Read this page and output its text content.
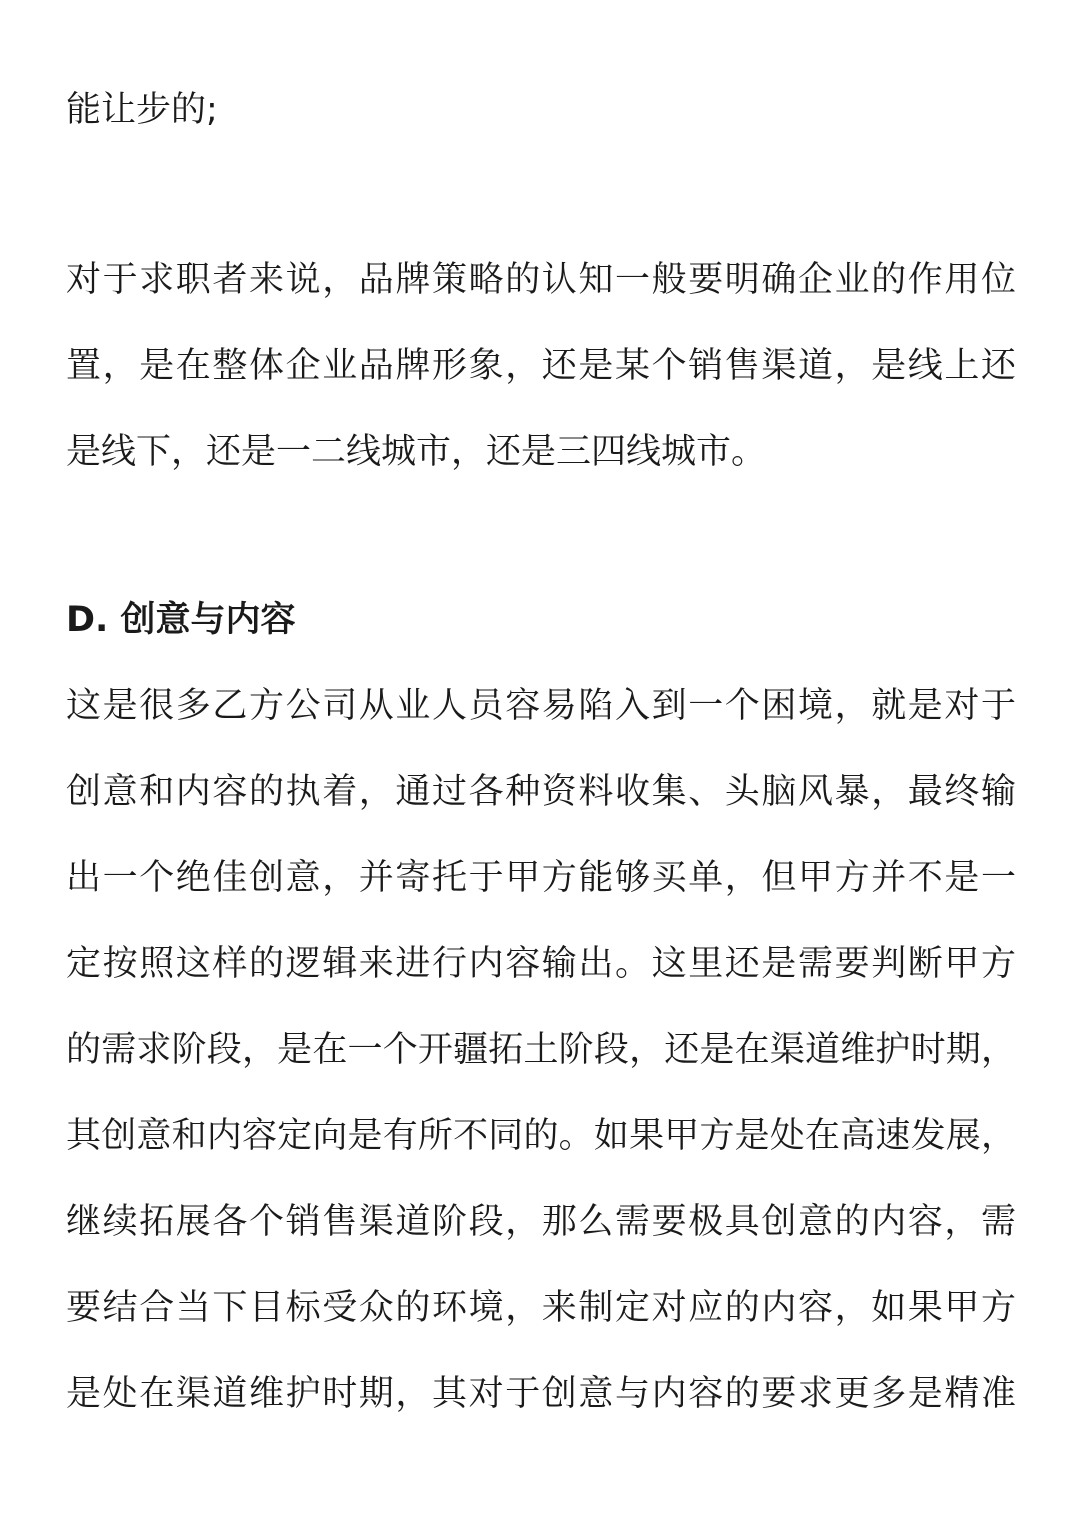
能让步的;
对于求职者来说，品牌策略的认知一般要明确企业的作用位
置，是在整体企业品牌形象，还是某个销售渠道，是线上还
是线下，还是一二线城市，还是三四线城市。
D. 创意与内容
这是很多乙方公司从业人员容易陷入到一个困境，就是对于
创意和内容的执着，通过各种资料收集、头脑风暴，最终输
出一个绝佳创意，并寄托于甲方能够买单，但甲方并不是一
定按照这样的逻辑来进行内容输出。这里还是需要判断甲方
的需求阶段，是在一个开疆拓土阶段，还是在渠道维护时期，
其创意和内容定向是有所不同的。如果甲方是处在高速发展，
继续拓展各个销售渠道阶段，那么需要极具创意的内容，需
要结合当下目标受众的环境，来制定对应的内容，如果甲方
是处在渠道维护时期，其对于创意与内容的要求更多是精准
